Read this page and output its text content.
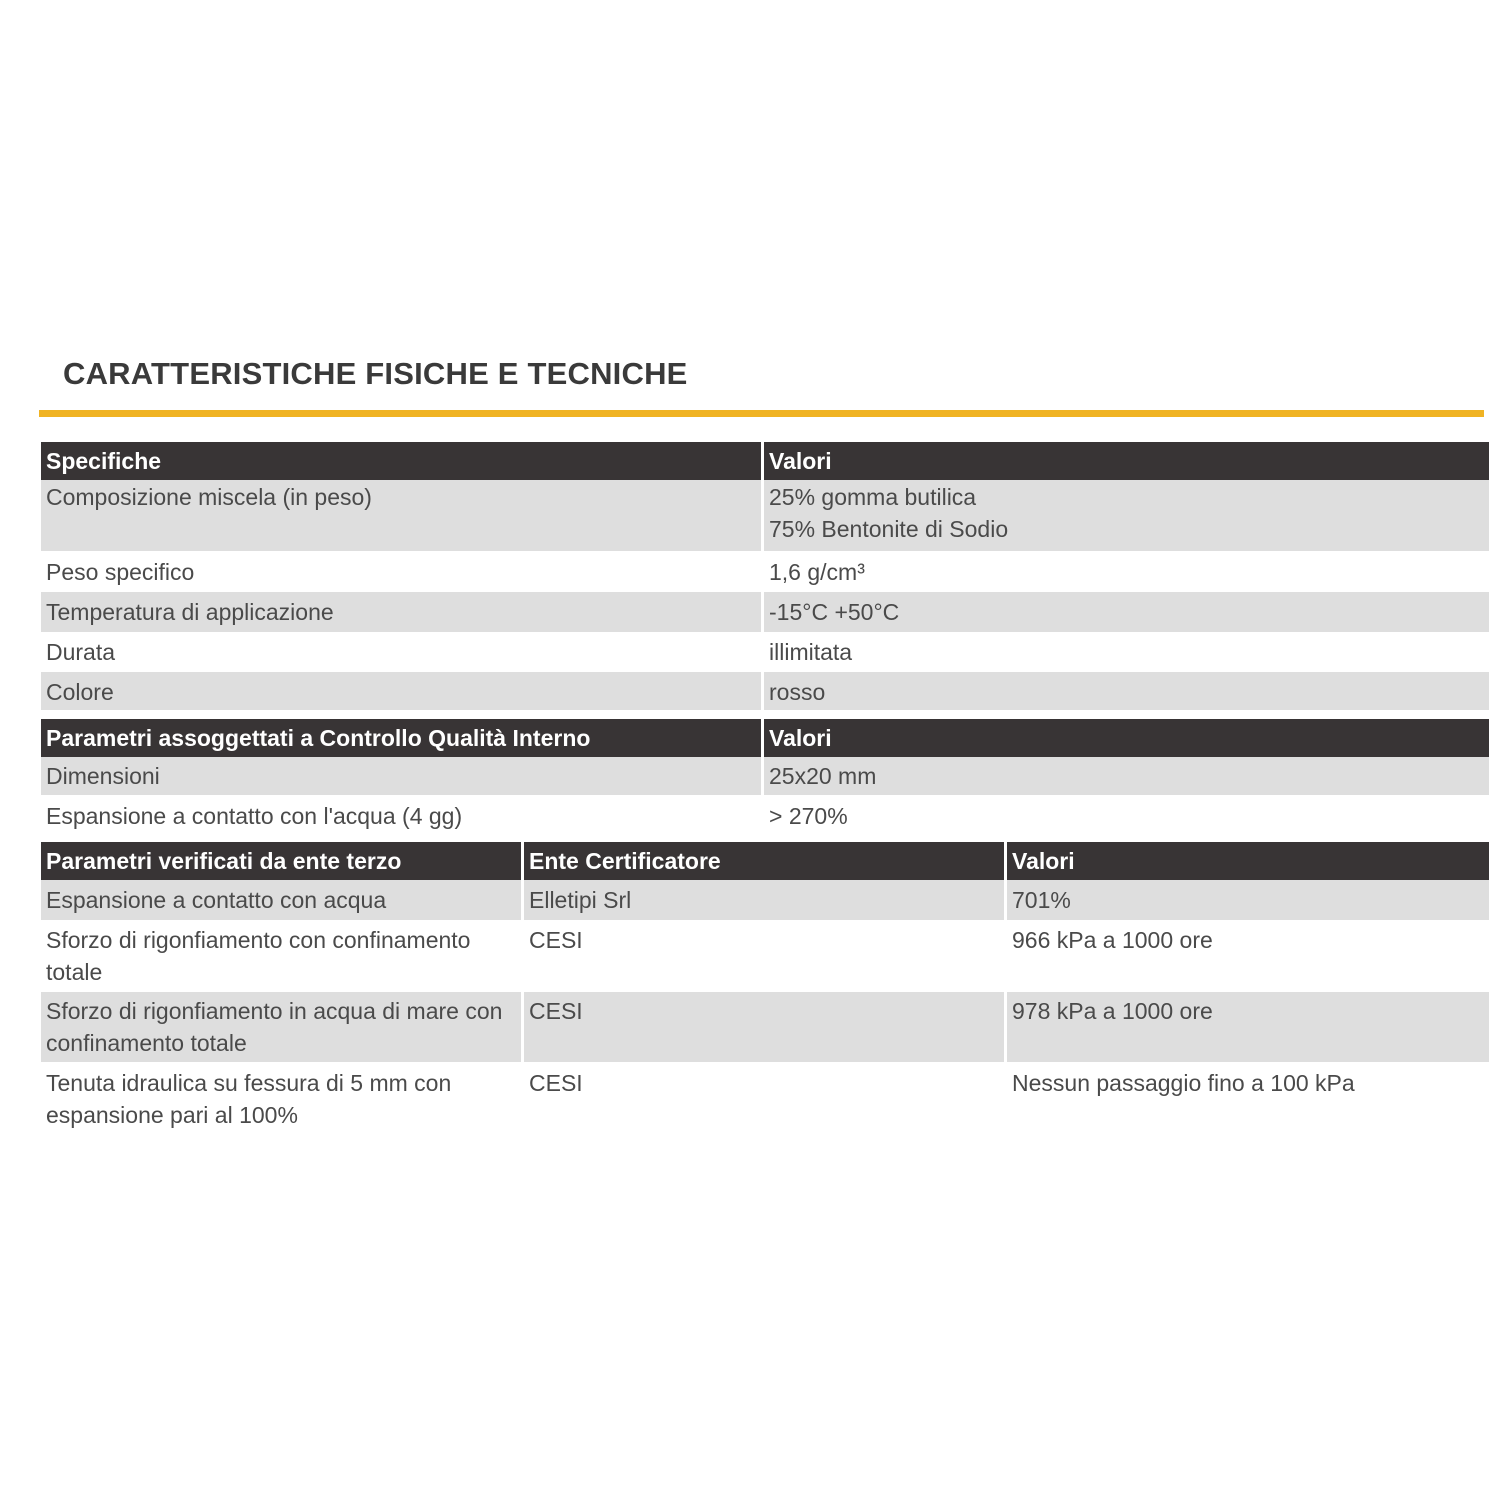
CARATTERISTICHE FISICHE E TECNICHE
Specifiche	Valori
Composizione miscela (in peso)	25% gomma butilica
75% Bentonite di Sodio
Peso specifico	1,6 g/cm³
Temperatura di applicazione	-15°C +50°C
Durata	illimitata
Colore	rosso
Parametri assoggettati a Controllo Qualità Interno	Valori
Dimensioni	25x20 mm
Espansione a contatto con l'acqua (4 gg)	> 270%
Parametri verificati da ente terzo	Ente Certificatore	Valori
Espansione a contatto con acqua	Elletipi Srl	701%
Sforzo di rigonfiamento con confinamento totale
CESI	966 kPa a 1000 ore
Sforzo di rigonfiamento in acqua di mare con confinamento totale
CESI	978 kPa a 1000 ore
Tenuta idraulica su fessura di 5 mm con espansione pari al 100%
CESI	Nessun passaggio fino a 100 kPa
